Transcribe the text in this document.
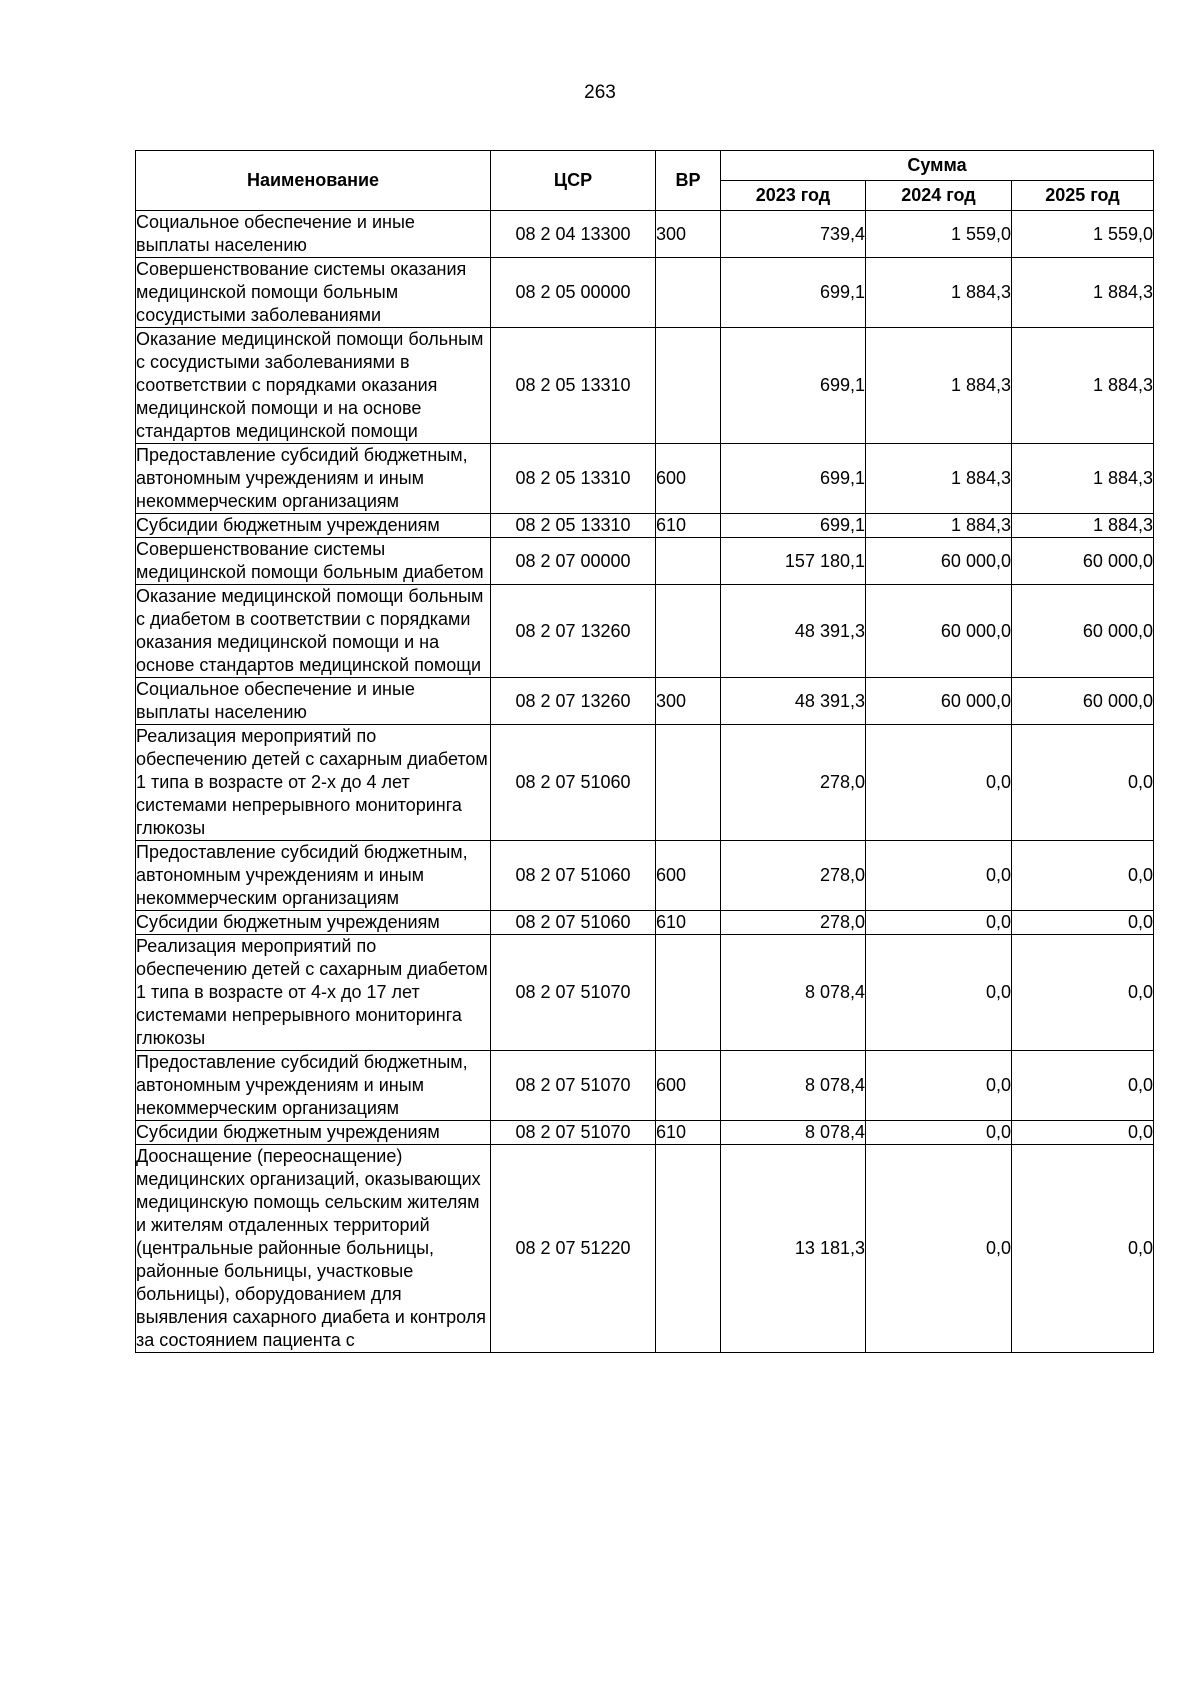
263
Наименование	ЦСР	ВР	Сумма		
			2023 год	2024 год	2025 год
Социальное обеспечение и иные выплаты населению	08 2 04 13300	300	739,4	1 559,0	1 559,0
Совершенствование системы оказания медицинской помощи больным сосудистыми заболеваниями	08 2 05 00000		699,1	1 884,3	1 884,3
Оказание медицинской помощи больным с сосудистыми заболеваниями в соответствии с порядками оказания медицинской помощи и на основе стандартов медицинской помощи	08 2 05 13310		699,1	1 884,3	1 884,3
Предоставление субсидий бюджетным, автономным учреждениям и иным некоммерческим организациям	08 2 05 13310	600	699,1	1 884,3	1 884,3
Субсидии бюджетным учреждениям	08 2 05 13310	610	699,1	1 884,3	1 884,3
Совершенствование системы медицинской помощи больным диабетом	08 2 07 00000		157 180,1	60 000,0	60 000,0
Оказание медицинской помощи больным с диабетом в соответствии с порядками оказания медицинской помощи и на основе стандартов медицинской помощи	08 2 07 13260		48 391,3	60 000,0	60 000,0
Социальное обеспечение и иные выплаты населению	08 2 07 13260	300	48 391,3	60 000,0	60 000,0
Реализация мероприятий по обеспечению детей с сахарным диабетом 1 типа в возрасте от 2-х до 4 лет системами непрерывного мониторинга глюкозы	08 2 07 51060		278,0	0,0	0,0
Предоставление субсидий бюджетным, автономным учреждениям и иным некоммерческим организациям	08 2 07 51060	600	278,0	0,0	0,0
Субсидии бюджетным учреждениям	08 2 07 51060	610	278,0	0,0	0,0
Реализация мероприятий по обеспечению детей с сахарным диабетом 1 типа в возрасте от 4-х до 17 лет системами непрерывного мониторинга глюкозы	08 2 07 51070		8 078,4	0,0	0,0
Предоставление субсидий бюджетным, автономным учреждениям и иным некоммерческим организациям	08 2 07 51070	600	8 078,4	0,0	0,0
Субсидии бюджетным учреждениям	08 2 07 51070	610	8 078,4	0,0	0,0
Дооснащение (переоснащение) медицинских организаций, оказывающих медицинскую помощь сельским жителям и жителям отдаленных территорий (центральные районные больницы, районные больницы, участковые больницы), оборудованием для выявления сахарного диабета и контроля за состоянием пациента с	08 2 07 51220		13 181,3	0,0	0,0
